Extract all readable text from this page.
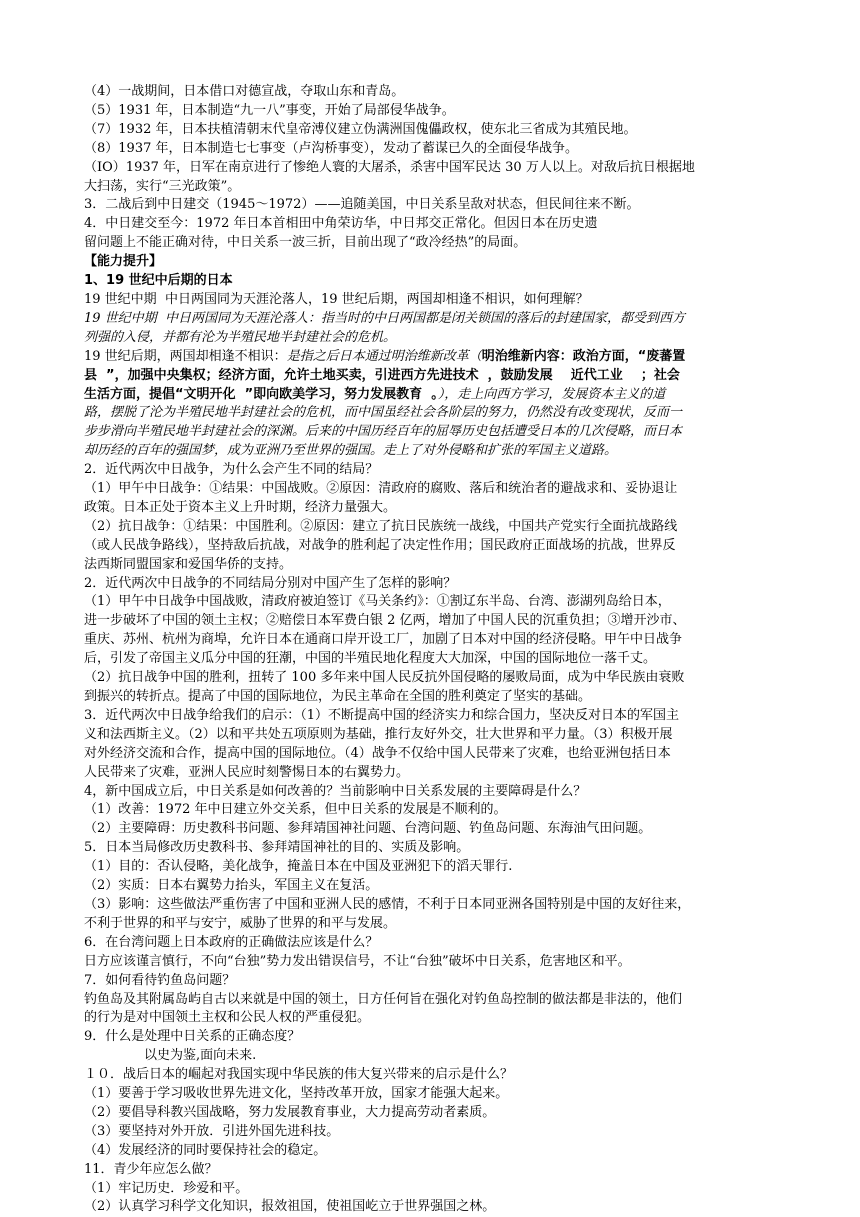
（4）一战期间，日本借口对德宣战，夺取山东和青岛。
（5）1931 年，日本制造“九一八”事变，开始了局部侵华战争。
（7）1932 年，日本扶植清朝末代皇帝溥仪建立伪满洲国傀儡政权，使东北三省成为其殖民地。
（8）1937 年，日本制造七七事变（卢沟桥事变），发动了蓄谋已久的全面侵华战争。
（IO）1937 年，日军在南京进行了惨绝人寰的大屠杀，杀害中国军民达 30 万人以上。对敌后抗日根据地
大扫荡，实行“三光政策”。
3．二战后到中日建交（1945～1972）——追随美国，中日关系呈敌对状态，但民间往来不断。
4．中日建交至今：1972 年日本首相田中角荣访华，中日邦交正常化。但因日本在历史遗
留问题上不能正确对待，中日关系一波三折，目前出现了“政冷经热”的局面。
【能力提升】
1、19 世纪中后期的日本
19 世纪中期  中日两国同为天涯沦落人，19 世纪后期，两国却相逢不相识，如何理解？
19 世纪中期  中日两国同为天涯沦落人：指当时的中日两国都是闭关锁国的落后的封建国家，都受到西方
列强的入侵，并都有沦为半殖民地半封建社会的危机。
19 世纪后期，两国却相逢不相识：是指之后日本通过明治维新改革（明治维新内容：政治方面，“废蕃置
县  ”，加强中央集权；经济方面，允许土地买卖，引进西方先进技术  ，鼓励发展    近代工业    ；社会
生活方面，提倡“文明开化  ”即向欧美学习，努力发展教育  。），走上向西方学习，发展资本主义的道
路，摆脱了沦为半殖民地半封建社会的危机，而中国虽经社会各阶层的努力，仍然没有改变现状，反而一
步步滑向半殖民地半封建社会的深渊。后来的中国历经百年的屈辱历史包括遭受日本的几次侵略，而日本
却历经的百年的强国梦，成为亚洲乃至世界的强国。走上了对外侵略和扩张的军国主义道路。
2．近代两次中日战争，为什么会产生不同的结局？
（1）甲午中日战争：①结果：中国战败。②原因：清政府的腐败、落后和统治者的避战求和、妥协退让
政策。日本正处于资本主义上升时期，经济力量强大。
（2）抗日战争：①结果：中国胜利。②原因：建立了抗日民族统一战线，中国共产党实行全面抗战路线
（或人民战争路线），坚持敌后抗战，对战争的胜利起了决定性作用；国民政府正面战场的抗战，世界反
法西斯同盟国家和爱国华侨的支持。
2．近代两次中日战争的不同结局分别对中国产生了怎样的影响？
（1）甲午中日战争中国战败，清政府被迫签订《马关条约》：①割辽东半岛、台湾、澎湖列岛给日本，
进一步破坏了中国的领土主权；②赔偿日本军费白银 2 亿两，增加了中国人民的沉重负担；③增开沙市、
重庆、苏州、杭州为商埠，允许日本在通商口岸开设工厂，加剧了日本对中国的经济侵略。甲午中日战争
后，引发了帝国主义瓜分中国的狂潮，中国的半殖民地化程度大大加深，中国的国际地位一落千丈。
（2）抗日战争中国的胜利，扭转了 100 多年来中国人民反抗外国侵略的屡败局面，成为中华民族由衰败
到振兴的转折点。提高了中国的国际地位，为民主革命在全国的胜利奠定了坚实的基础。
3．近代两次中日战争给我们的启示：（1）不断提高中国的经济实力和综合国力，坚决反对日本的军国主
义和法西斯主义。（2）以和平共处五项原则为基础，推行友好外交，壮大世界和平力量。（3）积极开展
对外经济交流和合作，提高中国的国际地位。（4）战争不仅给中国人民带来了灾难，也给亚洲包括日本
人民带来了灾难，亚洲人民应时刻警惕日本的右翼势力。
4，新中国成立后，中日关系是如何改善的？当前影响中日关系发展的主要障碍是什么？
（1）改善：1972 年中日建立外交关系，但中日关系的发展是不顺利的。
（2）主要障碍：历史教科书问题、参拜靖国神社问题、台湾问题、钓鱼岛问题、东海油气田问题。
5．日本当局修改历史教科书、参拜靖国神社的目的、实质及影响。
（1）目的：否认侵略，美化战争，掩盖日本在中国及亚洲犯下的滔天罪行.
（2）实质：日本右翼势力抬头，军国主义在复活。
（3）影响：这些做法严重伤害了中国和亚洲人民的感情，不利于日本同亚洲各国特别是中国的友好往来，
不利于世界的和平与安宁，威胁了世界的和平与发展。
6．在台湾问题上日本政府的正确做法应该是什么？
日方应该谨言慎行，不向“台独”势力发出错误信号，不让“台独”破坏中日关系，危害地区和平。
7．如何看待钓鱼岛问题？
钓鱼岛及其附属岛屿自古以来就是中国的领土，日方任何旨在强化对钓鱼岛控制的做法都是非法的，他们
的行为是对中国领土主权和公民人权的严重侵犯。
9．什么是处理中日关系的正确态度？
以史为鉴,面向未来.
１０．战后日本的崛起对我国实现中华民族的伟大复兴带来的启示是什么？
（1）要善于学习吸收世界先进文化，坚持改革开放，国家才能强大起来。
（2）要倡导科教兴国战略，努力发展教育事业，大力提高劳动者素质。
（3）要坚持对外开放．引进外国先进科技。
（4）发展经济的同时要保持社会的稳定。
11．青少年应怎么做？
（1）牢记历史．珍爱和平。
（2）认真学习科学文化知识，报效祖国，使祖国屹立于世界强国之林。
